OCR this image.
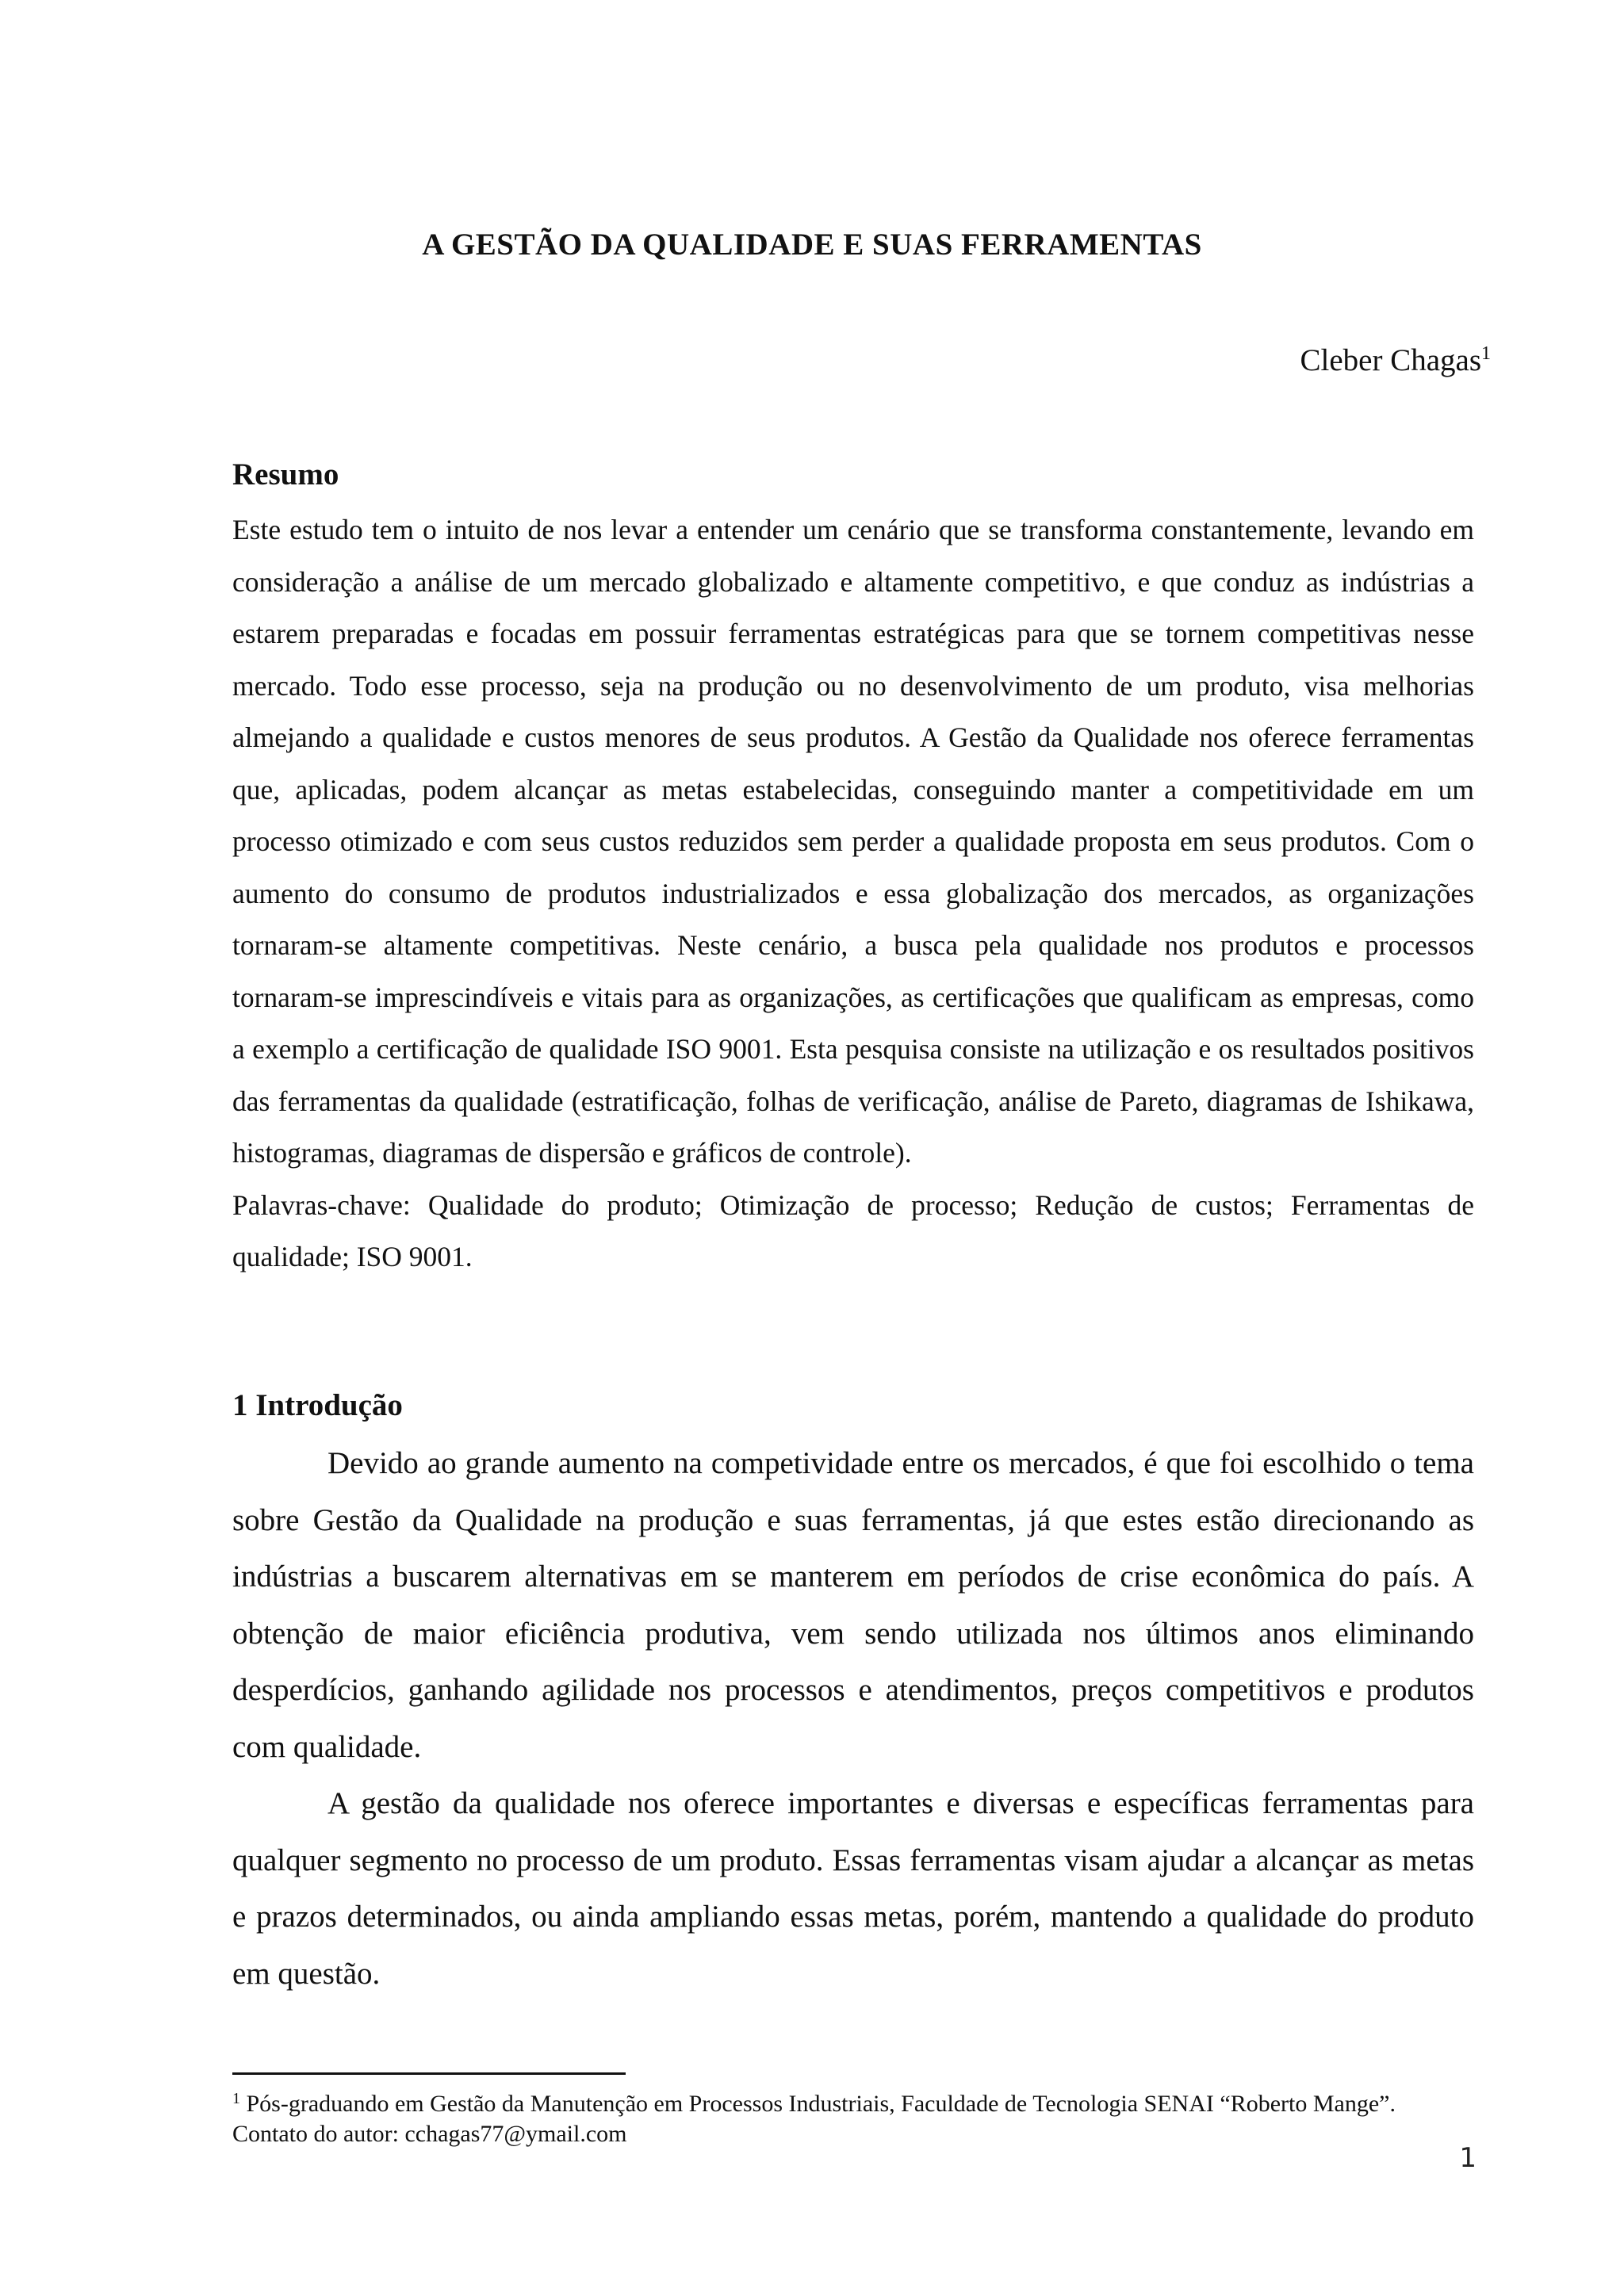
A GESTÃO DA QUALIDADE E SUAS FERRAMENTAS
Cleber Chagas$^1$
Resumo

Este estudo tem o intuito de nos levar a entender um cenário que se transforma constantemente, levando em consideração a análise de um mercado globalizado e altamente competitivo, e que conduz as indústrias a estarem preparadas e focadas em possuir ferramentas estratégicas para que se tornem competitivas nesse mercado. Todo esse processo, seja na produção ou no desenvolvimento de um produto, visa melhorias almejando a qualidade e custos menores de seus produtos. A Gestão da Qualidade nos oferece ferramentas que, aplicadas, podem alcançar as metas estabelecidas, conseguindo manter a competitividade em um processo otimizado e com seus custos reduzidos sem perder a qualidade proposta em seus produtos. Com o aumento do consumo de produtos industrializados e essa globalização dos mercados, as organizações tornaram-se altamente competitivas. Neste cenário, a busca pela qualidade nos produtos e processos tornaram-se imprescindíveis e vitais para as organizações, as certificações que qualificam as empresas, como a exemplo a certificação de qualidade ISO 9001. Esta pesquisa consiste na utilização e os resultados positivos das ferramentas da qualidade (estratificação, folhas de verificação, análise de Pareto, diagramas de Ishikawa, histogramas, diagramas de dispersão e gráficos de controle).

Palavras-chave: Qualidade do produto; Otimização de processo; Redução de custos; Ferramentas de qualidade; ISO 9001.

1 Introdução

Devido ao grande aumento na competividade entre os mercados, é que foi escolhido o tema sobre Gestão da Qualidade na produção e suas ferramentas, já que estes estão direcionando as indústrias a buscarem alternativas em se manterem em períodos de crise econômica do país. A obtenção de maior eficiência produtiva, vem sendo utilizada nos últimos anos eliminando desperdícios, ganhando agilidade nos processos e atendimentos, preços competitivos e produtos com qualidade.

A gestão da qualidade nos oferece importantes e diversas e específicas ferramentas para qualquer segmento no processo de um produto. Essas ferramentas visam ajudar a alcançar as metas e prazos determinados, ou ainda ampliando essas metas, porém, mantendo a qualidade do produto em questão.

$^1$ Pós-graduando em Gestão da Manutenção em Processos Industriais, Faculdade de Tecnologia SENAI “Roberto Mange”. Contato do autor: cchagas77@ymail.com
1
